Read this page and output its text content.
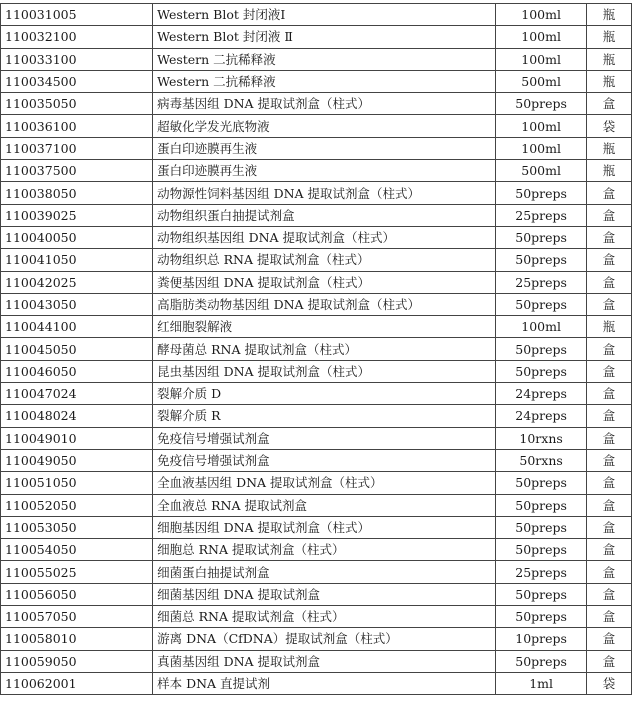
110031005	Western Blot 封闭液Ⅰ	100ml	瓶
110032100	Western Blot 封闭液 Ⅱ	100ml	瓶
110033100	Western 二抗稀释液	100ml	瓶
110034500	Western 二抗稀释液	500ml	瓶
110035050	病毒基因组 DNA 提取试剂盒（柱式）	50preps	盒
110036100	超敏化学发光底物液	100ml	袋
110037100	蛋白印迹膜再生液	100ml	瓶
110037500	蛋白印迹膜再生液	500ml	瓶
110038050	动物源性饲料基因组 DNA 提取试剂盒（柱式）	50preps	盒
110039025	动物组织蛋白抽提试剂盒	25preps	盒
110040050	动物组织基因组 DNA 提取试剂盒（柱式）	50preps	盒
110041050	动物组织总 RNA 提取试剂盒（柱式）	50preps	盒
110042025	粪便基因组 DNA 提取试剂盒（柱式）	25preps	盒
110043050	高脂肪类动物基因组 DNA 提取试剂盒（柱式）	50preps	盒
110044100	红细胞裂解液	100ml	瓶
110045050	酵母菌总 RNA 提取试剂盒（柱式）	50preps	盒
110046050	昆虫基因组 DNA 提取试剂盒（柱式）	50preps	盒
110047024	裂解介质 D	24preps	盒
110048024	裂解介质 R	24preps	盒
110049010	免疫信号增强试剂盒	10rxns	盒
110049050	免疫信号增强试剂盒	50rxns	盒
110051050	全血液基因组 DNA 提取试剂盒（柱式）	50preps	盒
110052050	全血液总 RNA 提取试剂盒	50preps	盒
110053050	细胞基因组 DNA 提取试剂盒（柱式）	50preps	盒
110054050	细胞总 RNA 提取试剂盒（柱式）	50preps	盒
110055025	细菌蛋白抽提试剂盒	25preps	盒
110056050	细菌基因组 DNA 提取试剂盒	50preps	盒
110057050	细菌总 RNA 提取试剂盒（柱式）	50preps	盒
110058010	游离 DNA（CfDNA）提取试剂盒（柱式）	10preps	盒
110059050	真菌基因组 DNA 提取试剂盒	50preps	盒
110062001	样本 DNA 直提试剂	1ml	袋
